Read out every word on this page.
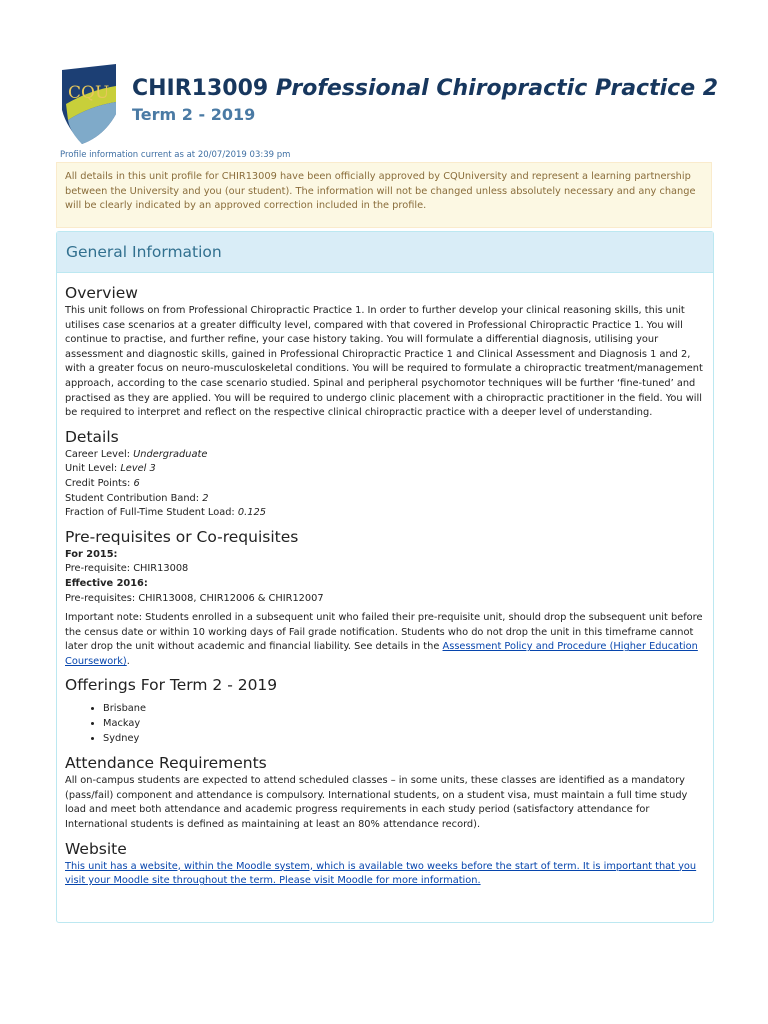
CQU CHIR13009 Professional Chiropractic Practice 2
Term 2 - 2019
Profile information current as at 20/07/2019 03:39 pm
All details in this unit profile for CHIR13009 have been officially approved by CQUniversity and represent a learning partnership between the University and you (our student). The information will not be changed unless absolutely necessary and any change will be clearly indicated by an approved correction included in the profile.
General Information
Overview

This unit follows on from Professional Chiropractic Practice 1. In order to further develop your clinical reasoning skills, this unit utilises case scenarios at a greater difficulty level, compared with that covered in Professional Chiropractic Practice 1. You will continue to practise, and further refine, your case history taking. You will formulate a differential diagnosis, utilising your assessment and diagnostic skills, gained in Professional Chiropractic Practice 1 and Clinical Assessment and Diagnosis 1 and 2, with a greater focus on neuro-musculoskeletal conditions. You will be required to formulate a chiropractic treatment/management approach, according to the case scenario studied. Spinal and peripheral psychomotor techniques will be further ‘fine-tuned’ and practised as they are applied. You will be required to undergo clinic placement with a chiropractic practitioner in the field. You will be required to interpret and reflect on the respective clinical chiropractic practice with a deeper level of understanding.

Details
Career Level: Undergraduate
Unit Level: Level 3
Credit Points: 6
Student Contribution Band: 2
Fraction of Full-Time Student Load: 0.125
Pre-requisites or Co-requisites
For 2015:
Pre-requisite: CHIR13008
Effective 2016:
Pre-requisites: CHIR13008, CHIR12006 & CHIR12007

Important note: Students enrolled in a subsequent unit who failed their pre-requisite unit, should drop the subsequent unit before the census date or within 10 working days of Fail grade notification. Students who do not drop the unit in this timeframe cannot later drop the unit without academic and financial liability. See details in the Assessment Policy and Procedure (Higher Education Coursework).

Offerings For Term 2 - 2019
• Brisbane
• Mackay
• Sydney
Attendance Requirements

All on-campus students are expected to attend scheduled classes – in some units, these classes are identified as a mandatory (pass/fail) component and attendance is compulsory. International students, on a student visa, must maintain a full time study load and meet both attendance and academic progress requirements in each study period (satisfactory attendance for International students is defined as maintaining at least an 80% attendance record).

Website

This unit has a website, within the Moodle system, which is available two weeks before the start of term. It is important that you visit your Moodle site throughout the term. Please visit Moodle for more information.
